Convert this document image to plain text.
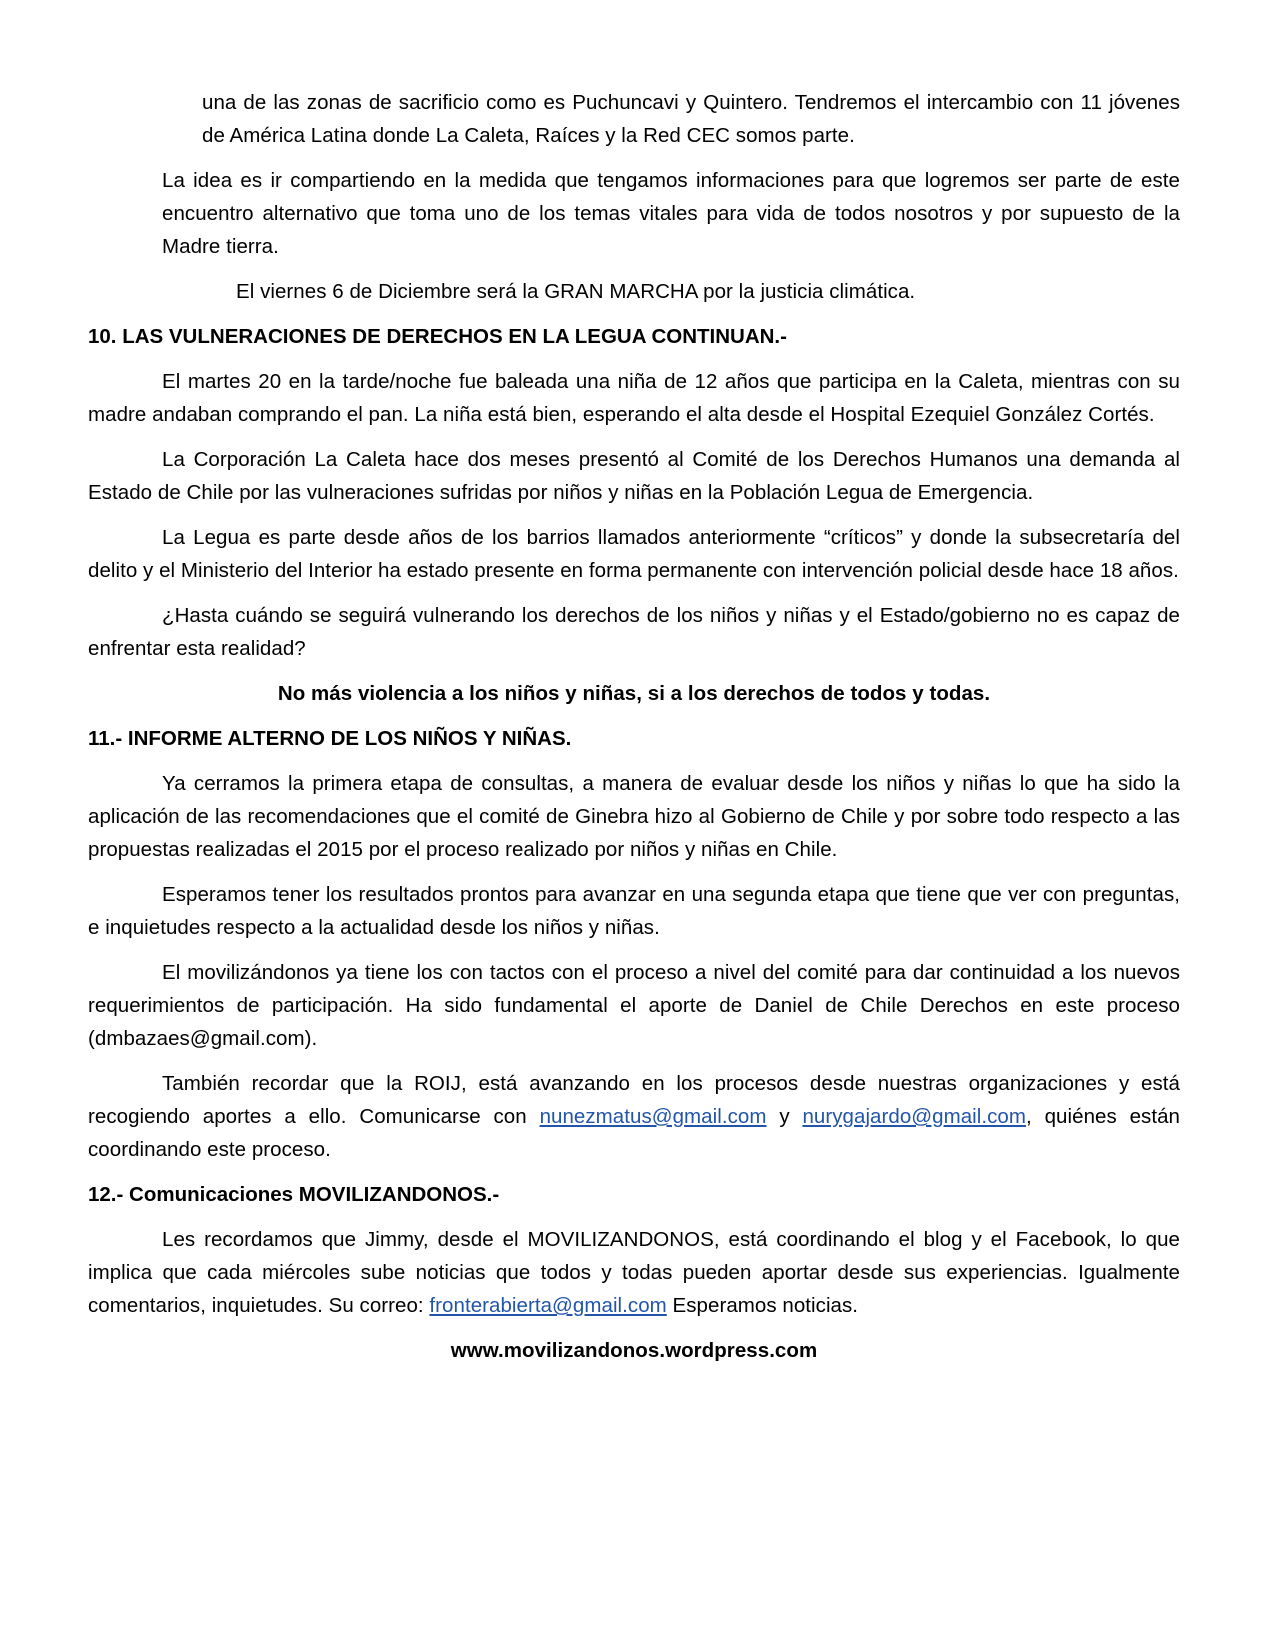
una de las zonas de sacrificio como es Puchuncavi y Quintero. Tendremos el intercambio con 11 jóvenes de América Latina donde La Caleta, Raíces y la Red CEC somos parte.

La idea es ir compartiendo en la medida que tengamos informaciones para que logremos ser parte de este encuentro alternativo que toma uno de los temas vitales para vida de todos nosotros y por supuesto de la Madre tierra.

El viernes 6 de Diciembre será la GRAN MARCHA por la justicia climática.

10. LAS VULNERACIONES DE DERECHOS EN LA LEGUA CONTINUAN.-

El martes 20 en la tarde/noche fue baleada una niña de 12 años que participa en la Caleta, mientras con su madre andaban comprando el pan. La niña está bien, esperando el alta desde el Hospital Ezequiel González Cortés.

La Corporación La Caleta hace dos meses presentó al Comité de los Derechos Humanos una demanda al Estado de Chile por las vulneraciones sufridas por niños y niñas en la Población Legua de Emergencia.

La Legua es parte desde años de los barrios llamados anteriormente “críticos” y donde la subsecretaría del delito y el Ministerio del Interior ha estado presente en forma permanente con intervención policial desde hace 18 años.

¿Hasta cuándo se seguirá vulnerando los derechos de los niños y niñas y el Estado/gobierno no es capaz de enfrentar esta realidad?

No más violencia a los niños y niñas, si a los derechos de todos y todas.

11.- INFORME ALTERNO DE LOS NIÑOS Y NIÑAS.

Ya cerramos la primera etapa de consultas, a manera de evaluar desde los niños y niñas lo que ha sido la aplicación de las recomendaciones que el comité de Ginebra hizo al Gobierno de Chile y por sobre todo respecto a las propuestas realizadas el 2015 por el proceso realizado por niños y niñas en Chile.

Esperamos tener los resultados prontos para avanzar en una segunda etapa que tiene que ver con preguntas, e inquietudes respecto a la actualidad desde los niños y niñas.

El movilizándonos ya tiene los con tactos con el proceso a nivel del comité para dar continuidad a los nuevos requerimientos de participación. Ha sido fundamental el aporte de Daniel de Chile Derechos en este proceso (dmbazaes@gmail.com).

También recordar que la ROIJ, está avanzando en los procesos desde nuestras organizaciones y está recogiendo aportes a ello. Comunicarse con nunezmatus@gmail.com y nurygajardo@gmail.com, quiénes están coordinando este proceso.

12.- Comunicaciones MOVILIZANDONOS.-

Les recordamos que Jimmy, desde el MOVILIZANDONOS, está coordinando el blog y el Facebook, lo que implica que cada miércoles sube noticias que todos y todas pueden aportar desde sus experiencias. Igualmente comentarios, inquietudes. Su correo: fronterabierta@gmail.com Esperamos noticias.

www.movilizandonos.wordpress.com
